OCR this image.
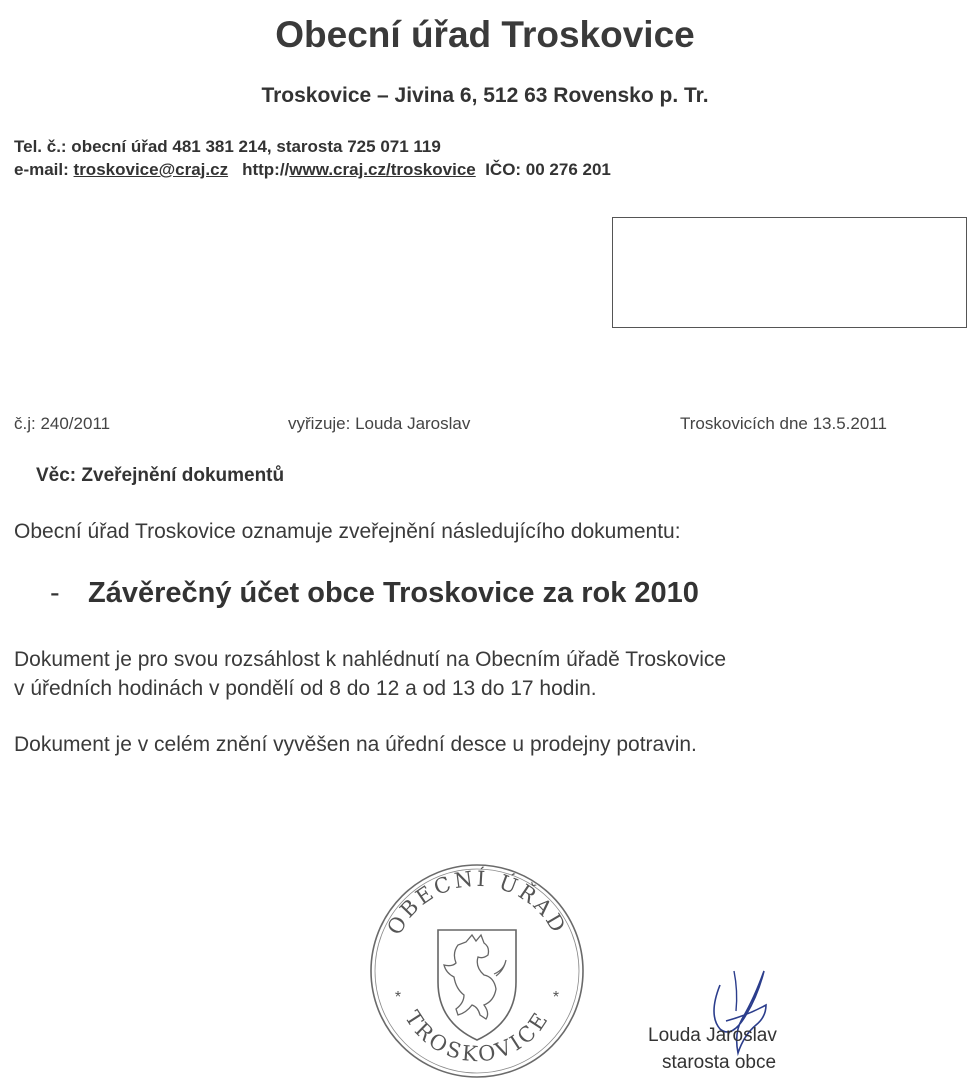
Obecní úřad Troskovice
Troskovice – Jivina 6, 512 63 Rovensko p. Tr.
Tel. č.: obecní úřad 481 381 214, starosta 725 071 119
e-mail: troskovice@craj.cz http://www.craj.cz/troskovice IČO: 00 276 201
č.j: 240/2011	vyřizuje: Louda Jaroslav	Troskovicích dne 13.5.2011
Věc: Zveřejnění dokumentů
Obecní úřad Troskovice oznamuje zveřejnění následujícího dokumentu:
- Závěrečný účet obce Troskovice za rok 2010
Dokument je pro svou rozsáhlost k nahlédnutí na Obecním úřadě Troskovice
v úředních hodinách v pondělí od 8 do 12 a od 13 do 17 hodin.
Dokument je v celém znění vyvěšen na úřední desce u prodejny potravin.
OBECNÍ ÚŘAD
TROSKOVICE
*	*
Louda Jaroslav
starosta obce
